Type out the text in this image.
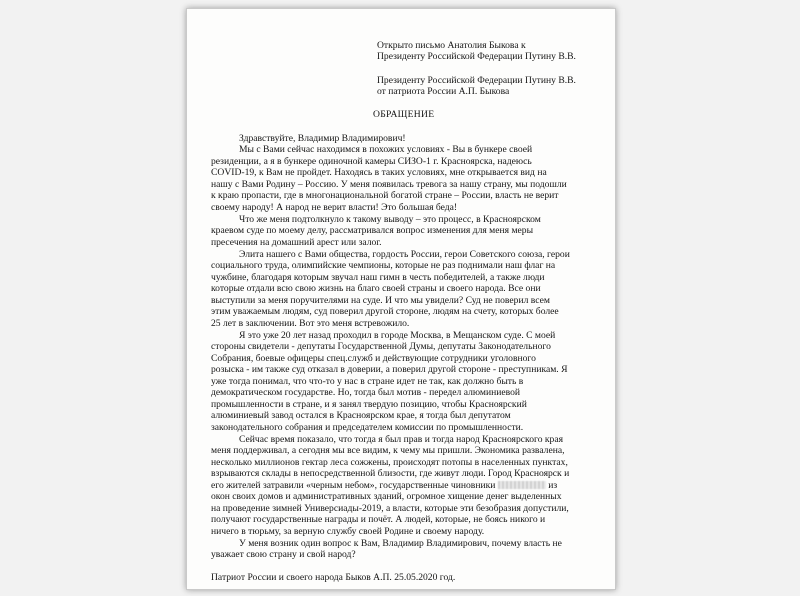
Открыто письмо Анатолия Быкова к
Президенту Российской Федерации Путину В.В.
Президенту Российской Федерации Путину В.В.
от патриота России А.П. Быкова
ОБРАЩЕНИЕ
Здравствуйте, Владимир Владимирович!
Мы с Вами сейчас находимся в похожих условиях - Вы в бункере своей
резиденции, а я в бункере одиночной камеры СИЗО-1 г. Красноярска, надеюсь
COVID-19, к Вам не пройдет. Находясь в таких условиях, мне открывается вид на
нашу с Вами Родину – Россию. У меня появилась тревога за нашу страну, мы подошли
к краю пропасти, где в многонациональной богатой стране – России, власть не верит
своему народу! А народ не верит власти! Это большая беда!
Что же меня подтолкнуло к такому выводу – это процесс, в Красноярском
краевом суде по моему делу, рассматривался вопрос изменения для меня меры
пресечения на домашний арест или залог.
Элита нашего с Вами общества, гордость России, герои Советского союза, герои
социального труда, олимпийские чемпионы, которые не раз поднимали наш флаг на
чужбине, благодаря которым звучал наш гимн в честь победителей, а также люди
которые отдали всю свою жизнь на благо своей страны и своего народа. Все они
выступили за меня поручителями на суде. И что мы увидели? Суд не поверил всем
этим уважаемым людям, суд поверил другой стороне, людям на счету, которых более
25 лет в заключении. Вот это меня встревожило.
Я это уже 20 лет назад проходил в городе Москва, в Мещанском суде. С моей
стороны свидетели - депутаты Государственной Думы, депутаты Законодательного
Собрания, боевые офицеры спец.служб и действующие сотрудники уголовного
розыска - им также суд отказал в доверии, а поверил другой стороне - преступникам. Я
уже тогда понимал, что что-то у нас в стране идет не так, как должно быть в
демократическом государстве. Но, тогда был мотив - передел алюминиевой
промышленности в стране, и я занял твердую позицию, чтобы Красноярский
алюминиевый завод остался в Красноярском крае, я тогда был депутатом
законодательного собрания и председателем комиссии по промышленности.
Сейчас время показало, что тогда я был прав и тогда народ Красноярского края
меня поддерживал, а сегодня мы все видим, к чему мы пришли. Экономика развалена,
несколько миллионов гектар леса сожжены, происходят потопы в населенных пунктах,
взрываются склады в непосредственной близости, где живут люди. Город Красноярск и
его жителей затравили «черным небом», государственные чиновники	из
окон своих домов и административных зданий, огромное хищение денег выделенных
на проведение зимней Универсиады-2019, а власти, которые эти безобразия допустили,
получают государственные награды и почёт. А людей, которые, не боясь никого и
ничего в тюрьму, за верную службу своей Родине и своему народу.
У меня возник один вопрос к Вам, Владимир Владимирович, почему власть не
уважает свою страну и свой народ?
Патриот России и своего народа Быков А.П. 25.05.2020 год.
